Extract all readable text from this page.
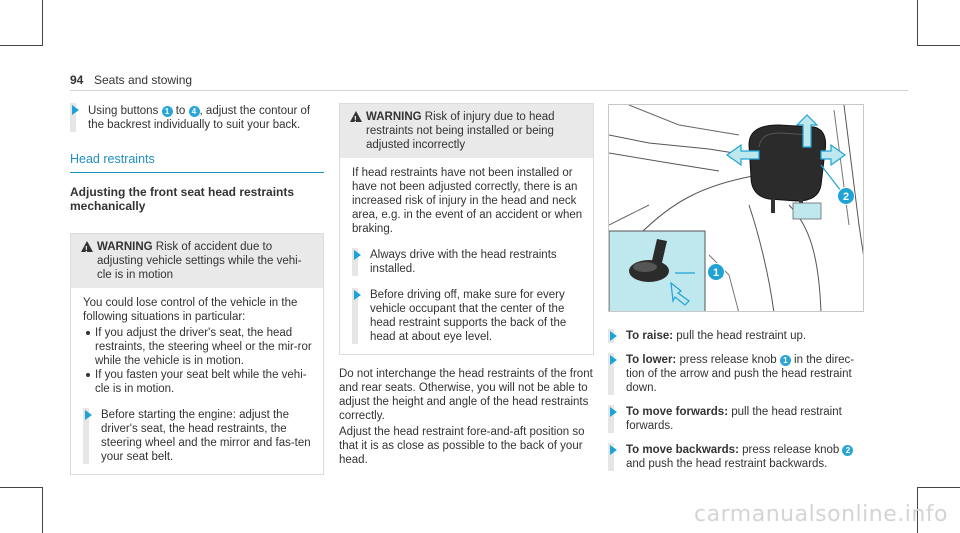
94 Seats and stowing
Using buttons 1 to 4 , adjust the contour of the backrest individually to suit your back.
Head restraints
Adjusting the front seat head restraints mechanically
!
WARNING Risk of accident due to adjusting vehicle settings while the vehi-cle is in motion
You could lose control of the vehicle in the following situations in particular:
If you adjust the driver's seat, the head restraints, the steering wheel or the mir-ror while the vehicle is in motion.
If you fasten your seat belt while the vehi-cle is in motion.
Before starting the engine: adjust the driver's seat, the head restraints, the steering wheel and the mirror and fas-ten your seat belt.
!
WARNING Risk of injury due to head restraints not being installed or being adjusted incorrectly
If head restraints have not been installed or have not been adjusted correctly, there is an increased risk of injury in the head and neck area, e.g. in the event of an accident or when braking.
Always drive with the head restraints installed.
Before driving off, make sure for every vehicle occupant that the center of the head restraint supports the back of the head at about eye level.
Do not interchange the head restraints of the front and rear seats. Otherwise, you will not be able to adjust the height and angle of the head restraints correctly.
Adjust the head restraint fore-and-aft position so that it is as close as possible to the back of your head.
1
2
To raise: pull the head restraint up.
To lower: press release knob 1 in the direc-tion of the arrow and push the head restraint down.
To move forwards: pull the head restraint forwards.
To move backwards: press release knob 2 and push the head restraint backwards.
carmanualsonline.info
